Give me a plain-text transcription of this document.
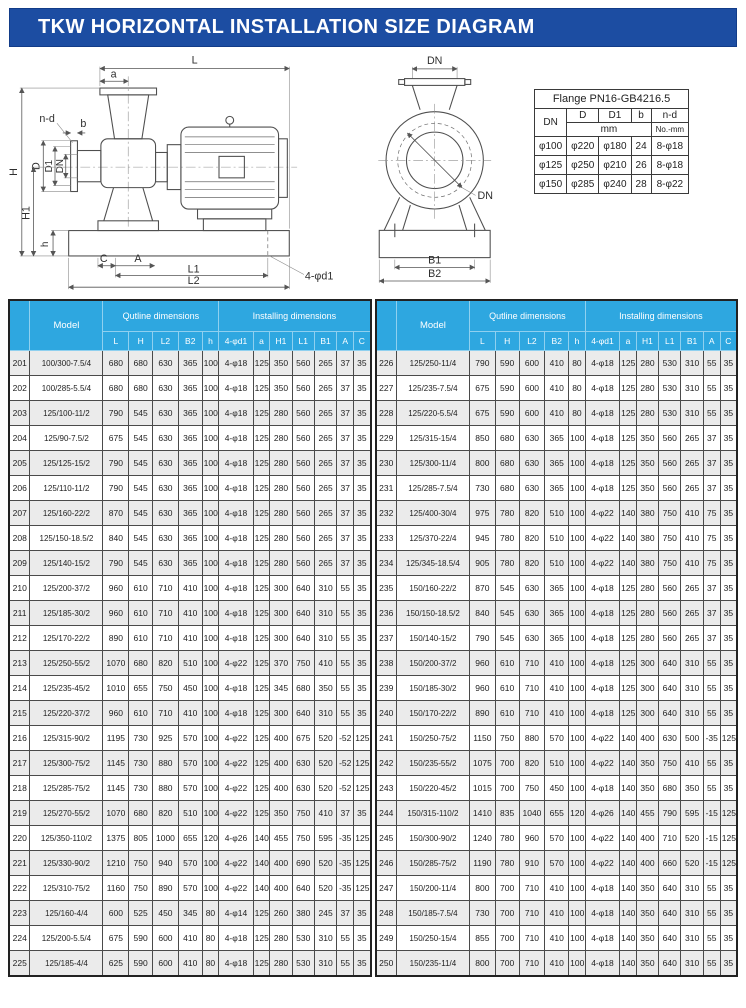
TKW HORIZONTAL INSTALLATION SIZE DIAGRAM
L
a
b
n-d
D D1 DN
H
H1
h
C A
L1
L2	4-φd1
DN
DN
B1
B2
Flange PN16-GB4216.5				
DN	D	D1	b	n-d
	mm			No.-mm
φ100	φ220	φ180	24	8-φ18
φ125	φ250	φ210	26	8-φ18
φ150	φ285	φ240	28	8-φ22
	Model	Qutline dimensions					Installing dimensions						
		L	H	L2	B2	h	4-φd1	a	H1	L1	B1	A	C
201	100/300-7.5/4	680	680	630	365	100	4-φ18	125	350	560	265	37	35
202	100/285-5.5/4	680	680	630	365	100	4-φ18	125	350	560	265	37	35
203	125/100-11/2	790	545	630	365	100	4-φ18	125	280	560	265	37	35
204	125/90-7.5/2	675	545	630	365	100	4-φ18	125	280	560	265	37	35
205	125/125-15/2	790	545	630	365	100	4-φ18	125	280	560	265	37	35
206	125/110-11/2	790	545	630	365	100	4-φ18	125	280	560	265	37	35
207	125/160-22/2	870	545	630	365	100	4-φ18	125	280	560	265	37	35
208	125/150-18.5/2	840	545	630	365	100	4-φ18	125	280	560	265	37	35
209	125/140-15/2	790	545	630	365	100	4-φ18	125	280	560	265	37	35
210	125/200-37/2	960	610	710	410	100	4-φ18	125	300	640	310	55	35
211	125/185-30/2	960	610	710	410	100	4-φ18	125	300	640	310	55	35
212	125/170-22/2	890	610	710	410	100	4-φ18	125	300	640	310	55	35
213	125/250-55/2	1070	680	820	510	100	4-φ22	125	370	750	410	55	35
214	125/235-45/2	1010	655	750	450	100	4-φ18	125	345	680	350	55	35
215	125/220-37/2	960	610	710	410	100	4-φ18	125	300	640	310	55	35
216	125/315-90/2	1195	730	925	570	100	4-φ22	125	400	675	520	-52	125
217	125/300-75/2	1145	730	880	570	100	4-φ22	125	400	630	520	-52	125
218	125/285-75/2	1145	730	880	570	100	4-φ22	125	400	630	520	-52	125
219	125/270-55/2	1070	680	820	510	100	4-φ22	125	350	750	410	37	35
220	125/350-110/2	1375	805	1000	655	120	4-φ26	140	455	750	595	-35	125
221	125/330-90/2	1210	750	940	570	100	4-φ22	140	400	690	520	-35	125
222	125/310-75/2	1160	750	890	570	100	4-φ22	140	400	640	520	-35	125
223	125/160-4/4	600	525	450	345	80	4-φ14	125	260	380	245	37	35
224	125/200-5.5/4	675	590	600	410	80	4-φ18	125	280	530	310	55	35
225	125/185-4/4	625	590	600	410	80	4-φ18	125	280	530	310	55	35
	Model	Qutline dimensions					Installing dimensions						
		L	H	L2	B2	h	4-φd1	a	H1	L1	B1	A	C
226	125/250-11/4	790	590	600	410	80	4-φ18	125	280	530	310	55	35
227	125/235-7.5/4	675	590	600	410	80	4-φ18	125	280	530	310	55	35
228	125/220-5.5/4	675	590	600	410	80	4-φ18	125	280	530	310	55	35
229	125/315-15/4	850	680	630	365	100	4-φ18	125	350	560	265	37	35
230	125/300-11/4	800	680	630	365	100	4-φ18	125	350	560	265	37	35
231	125/285-7.5/4	730	680	630	365	100	4-φ18	125	350	560	265	37	35
232	125/400-30/4	975	780	820	510	100	4-φ22	140	380	750	410	75	35
233	125/370-22/4	945	780	820	510	100	4-φ22	140	380	750	410	75	35
234	125/345-18.5/4	905	780	820	510	100	4-φ22	140	380	750	410	75	35
235	150/160-22/2	870	545	630	365	100	4-φ18	125	280	560	265	37	35
236	150/150-18.5/2	840	545	630	365	100	4-φ18	125	280	560	265	37	35
237	150/140-15/2	790	545	630	365	100	4-φ18	125	280	560	265	37	35
238	150/200-37/2	960	610	710	410	100	4-φ18	125	300	640	310	55	35
239	150/185-30/2	960	610	710	410	100	4-φ18	125	300	640	310	55	35
240	150/170-22/2	890	610	710	410	100	4-φ18	125	300	640	310	55	35
241	150/250-75/2	1150	750	880	570	100	4-φ22	140	400	630	500	-35	125
242	150/235-55/2	1075	700	820	510	100	4-φ22	140	350	750	410	55	35
243	150/220-45/2	1015	700	750	450	100	4-φ18	140	350	680	350	55	35
244	150/315-110/2	1410	835	1040	655	120	4-φ26	140	455	790	595	-15	125
245	150/300-90/2	1240	780	960	570	100	4-φ22	140	400	710	520	-15	125
246	150/285-75/2	1190	780	910	570	100	4-φ22	140	400	660	520	-15	125
247	150/200-11/4	800	700	710	410	100	4-φ18	140	350	640	310	55	35
248	150/185-7.5/4	730	700	710	410	100	4-φ18	140	350	640	310	55	35
249	150/250-15/4	855	700	710	410	100	4-φ18	140	350	640	310	55	35
250	150/235-11/4	800	700	710	410	100	4-φ18	140	350	640	310	55	35
